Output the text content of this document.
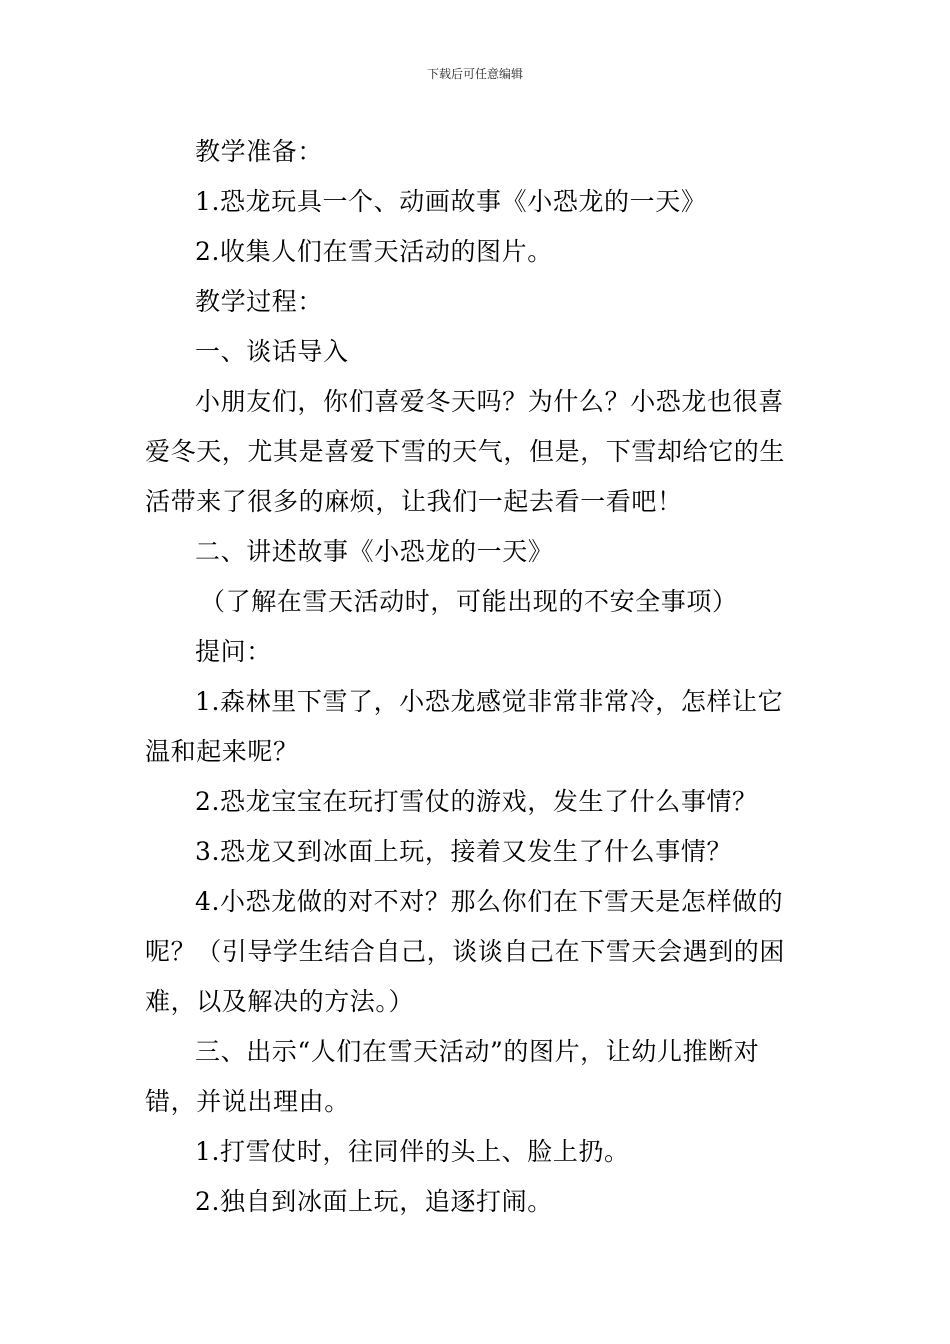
下载后可任意编辑

教学准备：

1.恐龙玩具一个、动画故事《小恐龙的一天》

2.收集人们在雪天活动的图片。

教学过程：

一、谈话导入

小朋友们，你们喜爱冬天吗？为什么？小恐龙也很喜爱冬天，尤其是喜爱下雪的天气，但是，下雪却给它的生活带来了很多的麻烦，让我们一起去看一看吧！

二、讲述故事《小恐龙的一天》

（了解在雪天活动时，可能出现的不安全事项）

提问：

1.森林里下雪了，小恐龙感觉非常非常冷，怎样让它温和起来呢？

2.恐龙宝宝在玩打雪仗的游戏，发生了什么事情？

3.恐龙又到冰面上玩，接着又发生了什么事情？

4.小恐龙做的对不对？那么你们在下雪天是怎样做的呢？（引导学生结合自己，谈谈自己在下雪天会遇到的困难，以及解决的方法。）

三、出示“人们在雪天活动”的图片，让幼儿推断对错，并说出理由。

1.打雪仗时，往同伴的头上、脸上扔。

2.独自到冰面上玩，追逐打闹。
